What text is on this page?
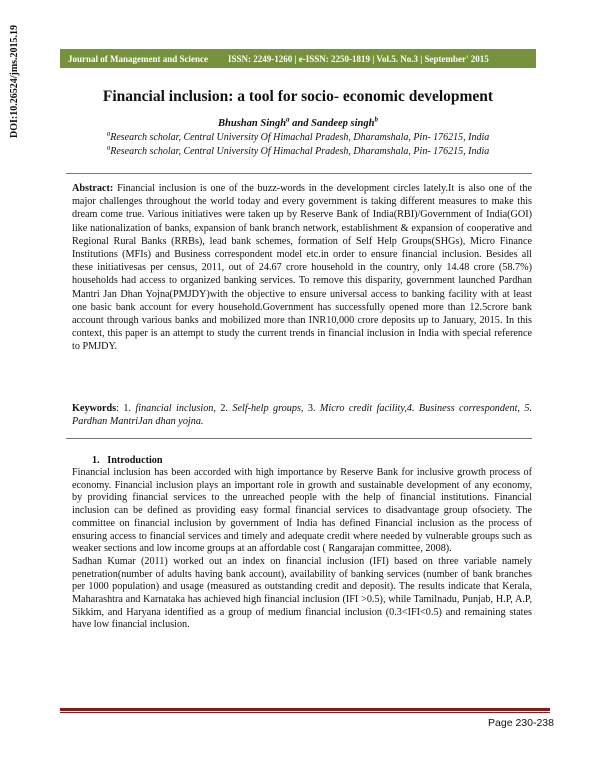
DOI:10.26524/jms.2015.19	Journal of Management and Science ISSN: 2249-1260 | e-ISSN: 2250-1819 | Vol.5. No.3 | September' 2015
Financial inclusion: a tool for socio- economic development
Bhushan Singh$^a$ and Sandeep singh$^b$
$^a$Research scholar, Central University Of Himachal Pradesh, Dharamshala, Pin- 176215, India
$^a$Research scholar, Central University Of Himachal Pradesh, Dharamshala, Pin- 176215, India
Abstract: Financial inclusion is one of the buzz-words in the development circles lately.It is also one of the major challenges throughout the world today and every government is taking different measures to make this dream come true. Various initiatives were taken up by Reserve Bank of India(RBI)/Government of India(GOI) like nationalization of banks, expansion of bank branch network, establishment & expansion of cooperative and Regional Rural Banks (RRBs), lead bank schemes, formation of Self Help Groups(SHGs), Micro Finance Institutions (MFIs) and Business correspondent model etc.in order to ensure financial inclusion. Besides all these initiativesas per census, 2011, out of 24.67 crore household in the country, only 14.48 crore (58.7%) households had access to organized banking services. To remove this disparity, government launched Pardhan Mantri Jan Dhan Yojna(PMJDY)with the objective to ensure universal access to banking facility with at least one basic bank account for every household.Government has successfully opened more than 12.5crore bank account through various banks and mobilized more than INR10,000 crore deposits up to January, 2015. In this context, this paper is an attempt to study the current trends in financial inclusion in India with special reference to PMJDY.
Keywords: 1. financial inclusion, 2. Self-help groups, 3. Micro credit facility,4. Business correspondent, 5. Pardhan MantriJan dhan yojna.
1. Introduction

Financial inclusion has been accorded with high importance by Reserve Bank for inclusive growth process of economy. Financial inclusion plays an important role in growth and sustainable development of any economy, by providing financial services to the unreached people with the help of financial institutions. Financial inclusion can be defined as providing easy formal financial services to disadvantage group ofsociety. The committee on financial inclusion by government of India has defined Financial inclusion as the process of ensuring access to financial services and timely and adequate credit where needed by vulnerable groups such as weaker sections and low income groups at an affordable cost ( Rangarajan committee, 2008).

Sadhan Kumar (2011) worked out an index on financial inclusion (IFI) based on three variable namely penetration(number of adults having bank account), availability of banking services (number of bank branches per 1000 population) and usage (measured as outstanding credit and deposit). The results indicate that Kerala, Maharashtra and Karnataka has achieved high financial inclusion (IFI >0.5), while Tamilnadu, Punjab, H.P, A.P, Sikkim, and Haryana identified as a group of medium financial inclusion (0.3<IFI<0.5) and remaining states have low financial inclusion.

Page 230-238
